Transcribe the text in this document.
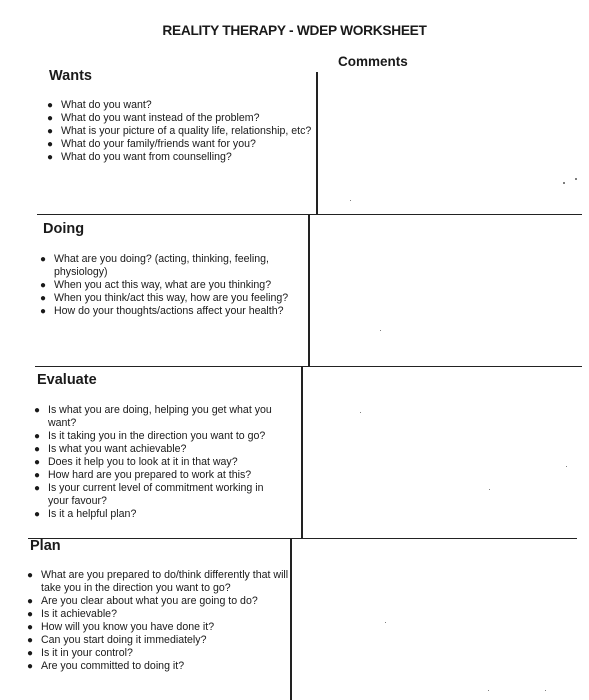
REALITY THERAPY - WDEP WORKSHEET
Comments
Wants
● What do you want?
● What do you want instead of the problem?
● What is your picture of a quality life, relationship, etc?
● What do your family/friends want for you?
● What do you want from counselling?
Doing
● What are you doing? (acting, thinking, feeling, physiology)
● When you act this way, what are you thinking?
● When you think/act this way, how are you feeling?
● How do your thoughts/actions affect your health?
Evaluate
● Is what you are doing, helping you get what you want?
● Is it taking you in the direction you want to go?
● Is what you want achievable?
● Does it help you to look at it in that way?
● How hard are you prepared to work at this?
● Is your current level of commitment working in your favour?
● Is it a helpful plan?
Plan
● What are you prepared to do/think differently that will take you in the direction you want to go?
● Are you clear about what you are going to do?
● Is it achievable?
● How will you know you have done it?
● Can you start doing it immediately?
● Is it in your control?
● Are you committed to doing it?
